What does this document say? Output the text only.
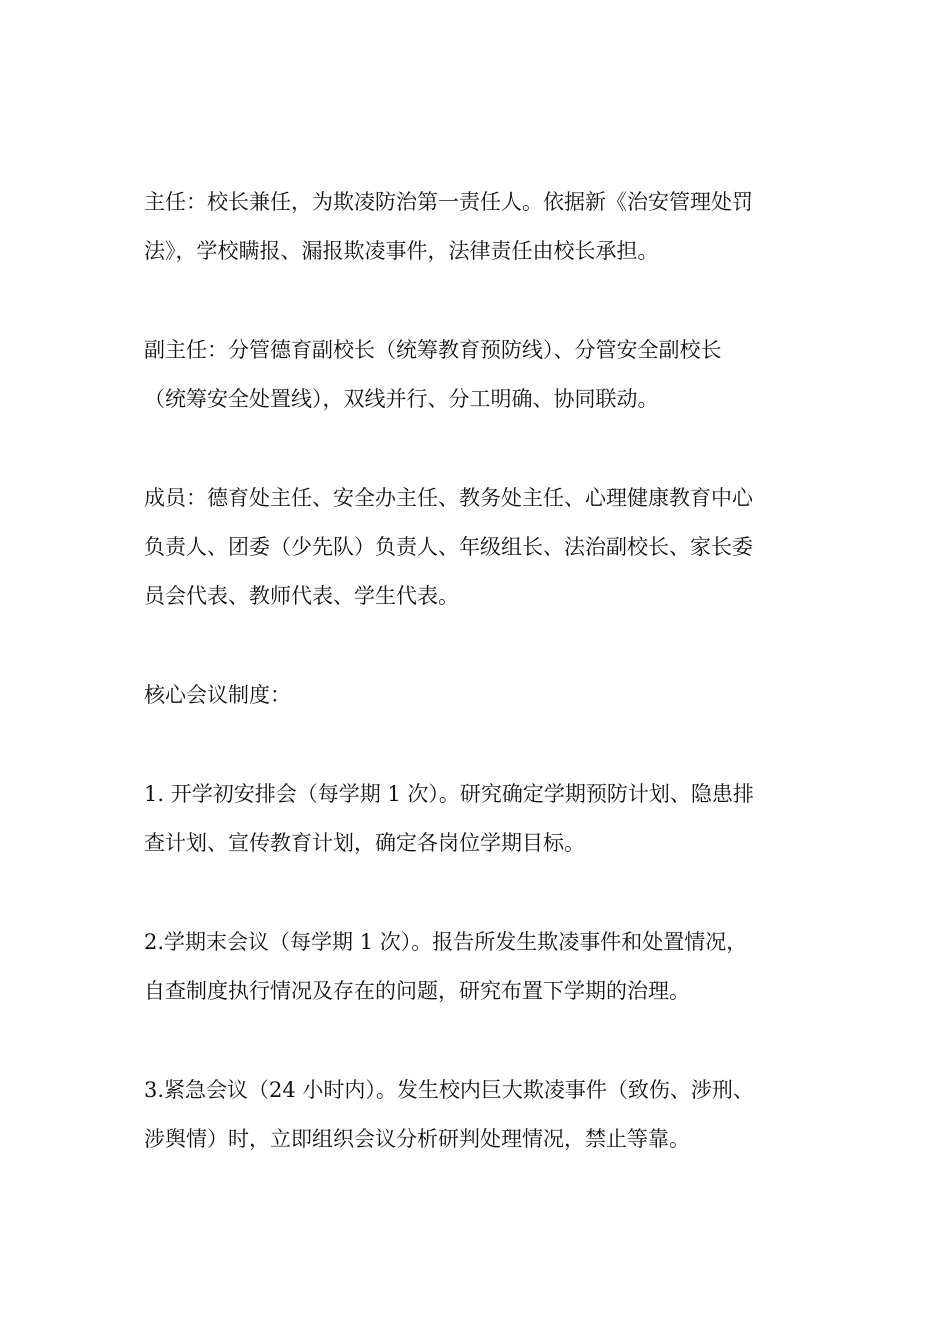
主任：校长兼任，为欺凌防治第一责任人。依据新《治安管理处罚
法》，学校瞒报、漏报欺凌事件，法律责任由校长承担。

副主任：分管德育副校长（统筹教育预防线）、分管安全副校长
（统筹安全处置线），双线并行、分工明确、协同联动。

成员：德育处主任、安全办主任、教务处主任、心理健康教育中心
负责人、团委（少先队）负责人、年级组长、法治副校长、家长委
员会代表、教师代表、学生代表。

核心会议制度：

1. 开学初安排会（每学期 1 次）。研究确定学期预防计划、隐患排
查计划、宣传教育计划，确定各岗位学期目标。

2.学期末会议（每学期 1 次）。报告所发生欺凌事件和处置情况，
自查制度执行情况及存在的问题，研究布置下学期的治理。

3.紧急会议（24 小时内）。发生校内巨大欺凌事件（致伤、涉刑、
涉舆情）时，立即组织会议分析研判处理情况，禁止等靠。
